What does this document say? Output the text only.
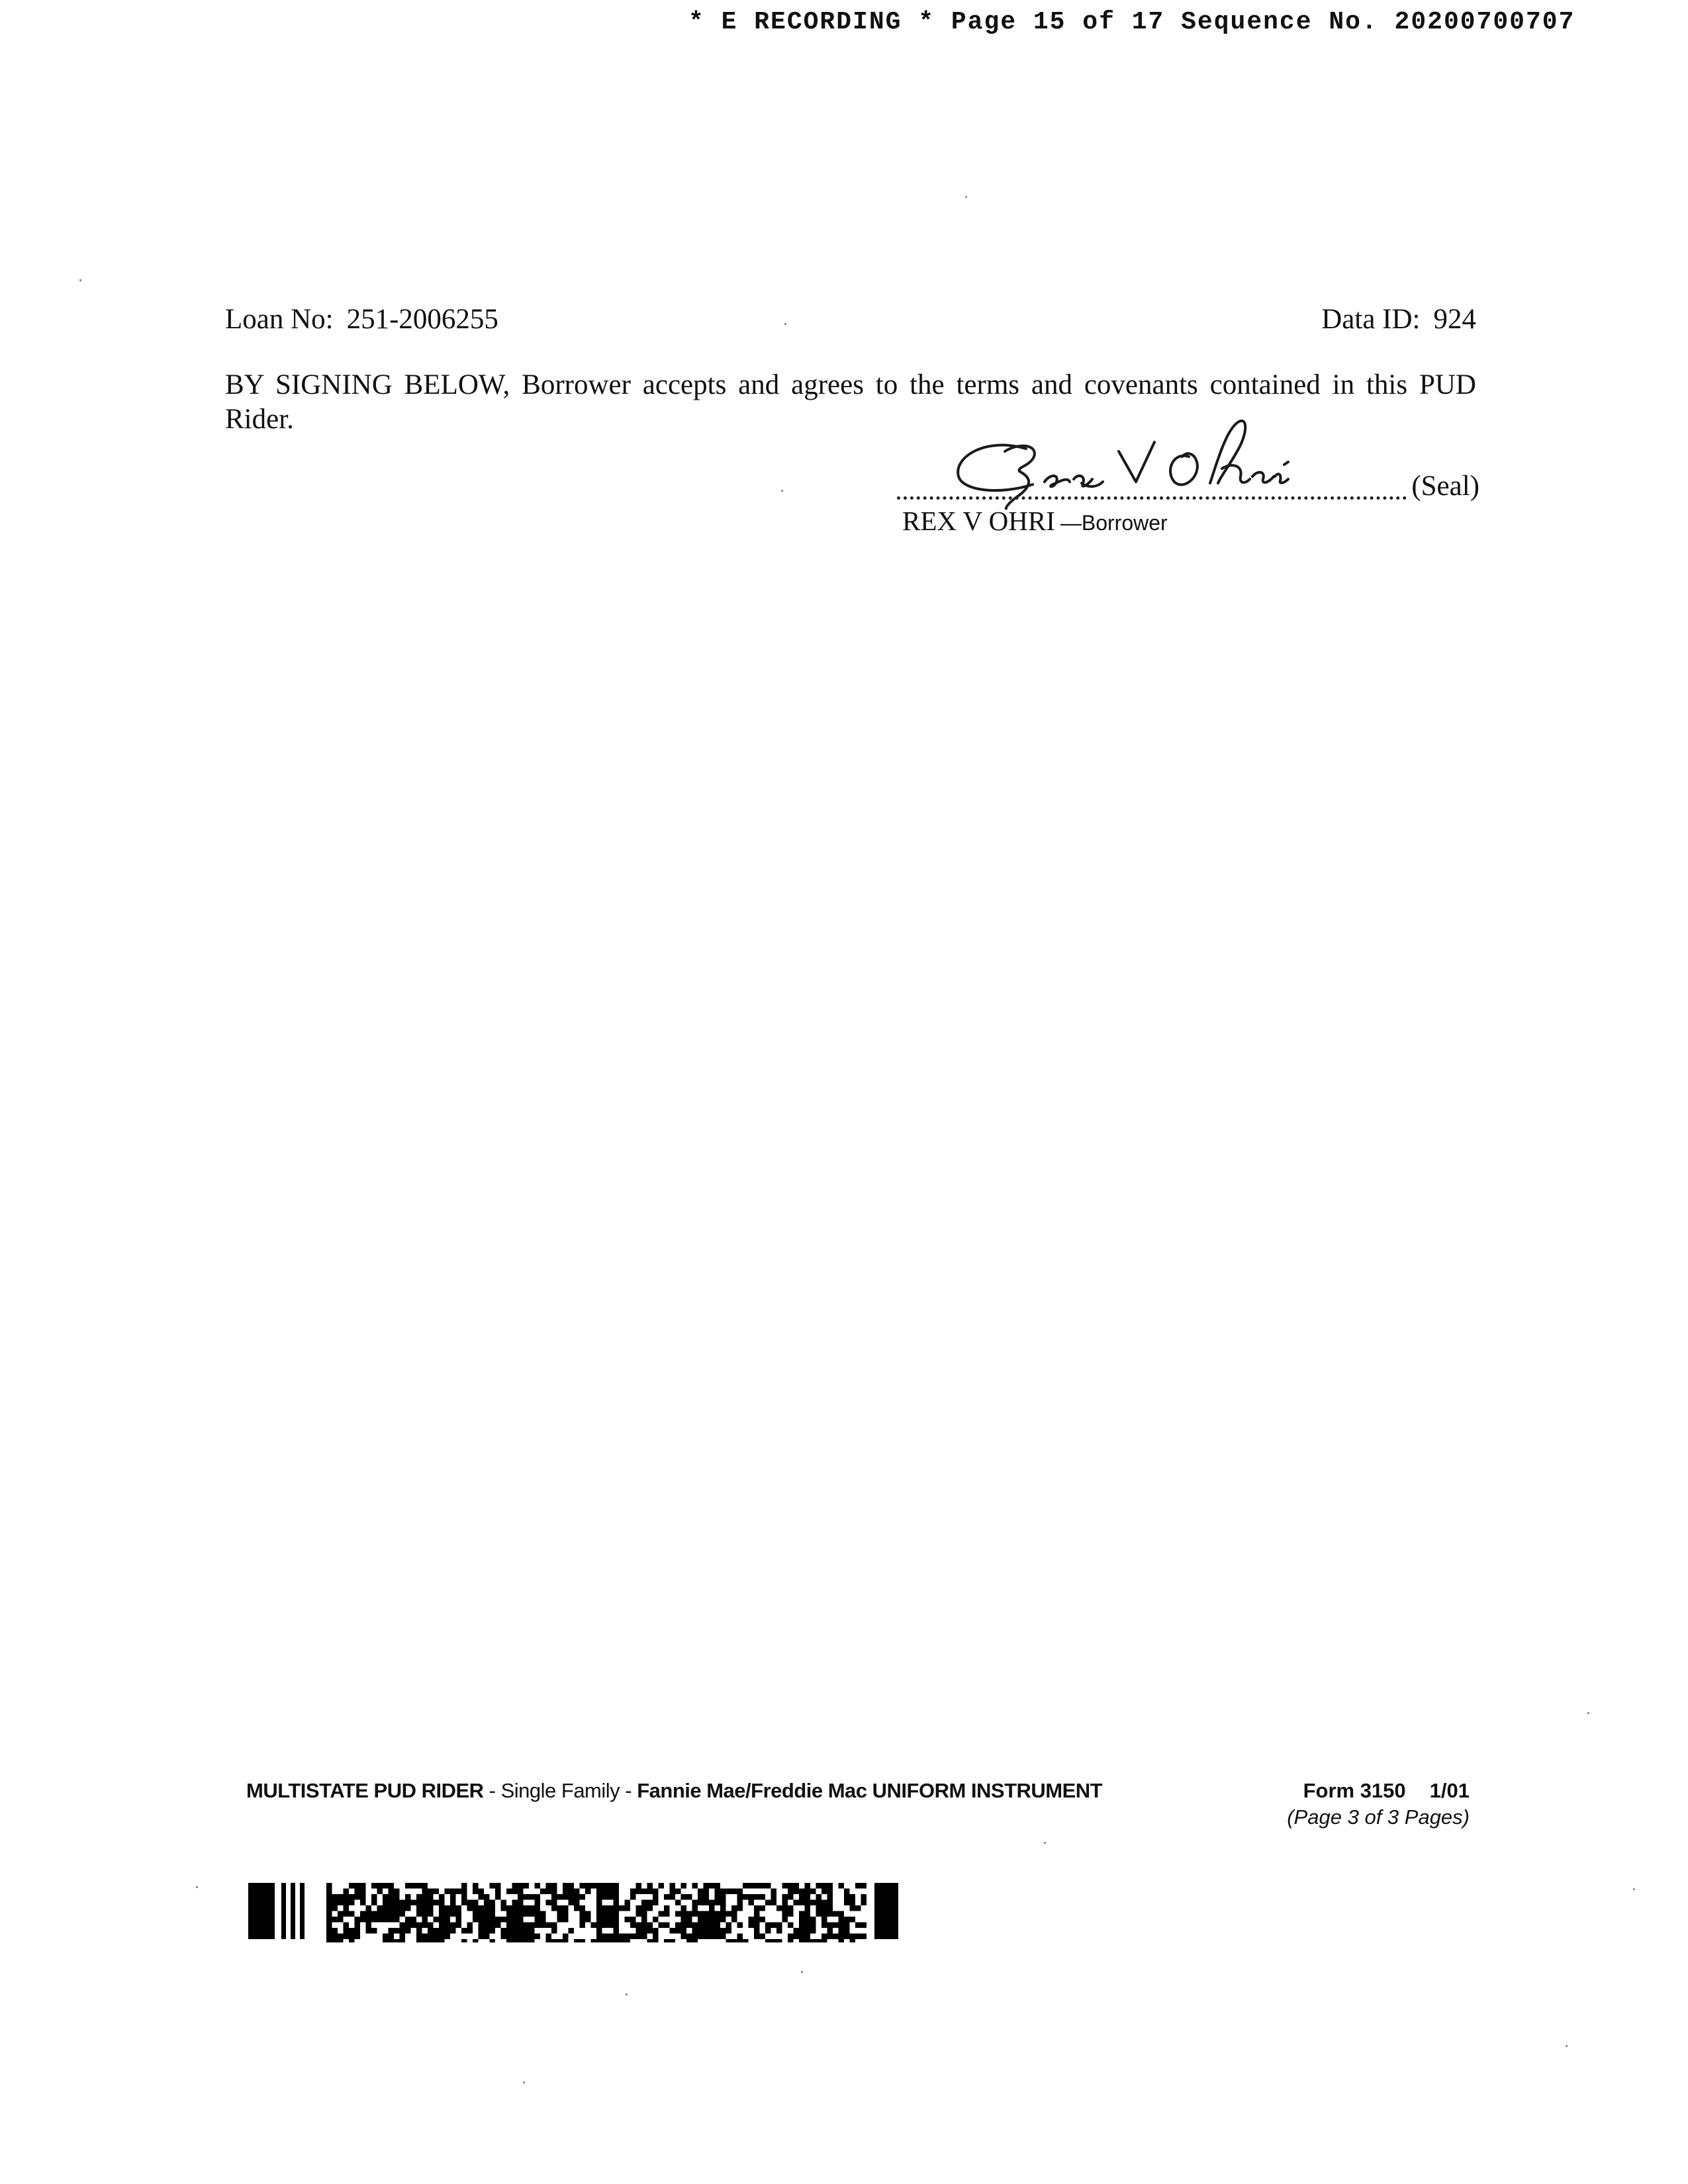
* E RECORDING * Page 15 of 17 Sequence No. 20200700707
Loan No: 251-2006255	Data ID: 924
BY SIGNING BELOW, Borrower accepts and agrees to the terms and covenants contained in this PUD Rider.
(Seal)
REX V OHRI —Borrower
MULTISTATE PUD RIDER - Single Family - Fannie Mae/Freddie Mac UNIFORM INSTRUMENT	Form 3150 1/01
(Page 3 of 3 Pages)
